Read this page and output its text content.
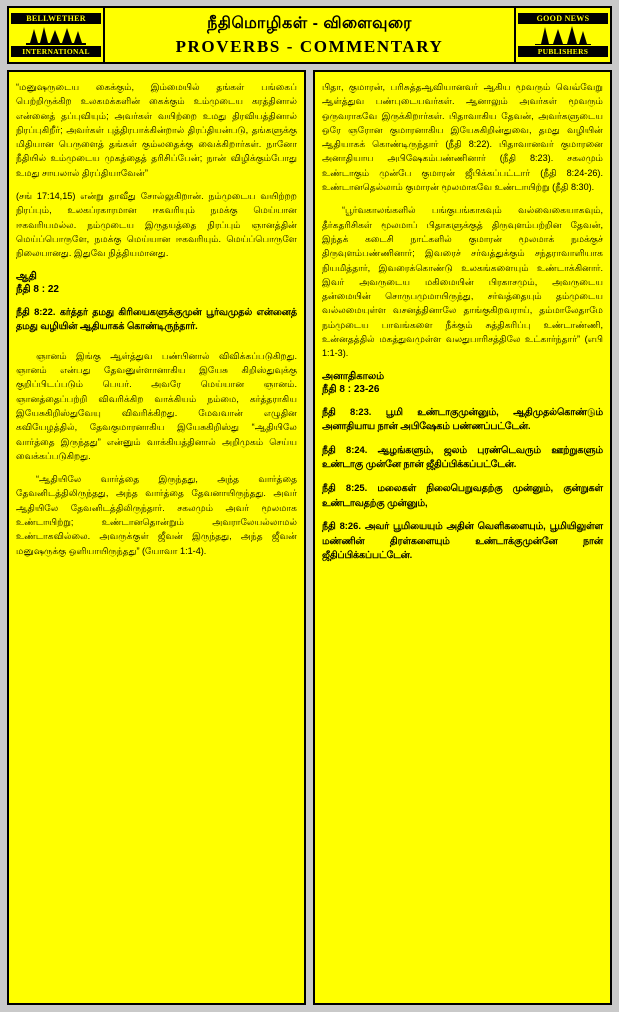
BELLWETHER
INTERNATIONAL
நீதிமொழிகள் - விளைவுரை
PROVERBS - COMMENTARY
GOOD NEWS
PUBLISHERS

“மனுஷருடைய கைக்கும், இம்மையில் தங்கள் பங்கைப் பெற்றிருக்கிற உலகமக்களின் கைக்கும் உம்முடைய கரத்தினால் என்னைத் தப்புவியும்; அவர்கள் வயிற்றை உமது திரவியத்தினால் நிரப்புகிறீர்; அவர்கள் புத்திரபாக்கின்றால் திரப்தியன்படு, தங்களுக்கு மிதியான பெருளைத் தங்கள் கும்லதைக்கு வைக்கிறார்கள். நானோ நீதியில் உம்முடைய முகத்தைத் தரிசிப்பேன்; நான் விழிக்கும்போது உமது சாயலால் திரப்தியாவேன்”

(சங் 17:14,15) என்று தாவீது சோல்லுகிறான். நம்முடைய வயிற்றற நிரப்பும், உலகப்ரகாரமான ஈகவரியும் நமக்கு மெய்யான ஈகவரியமல்ல. நம்முடைய இருதயத்தை நிரப்பும் ஞானத்தின் மெய்ப்பொருளே, நமக்கு மெய்யான ஈகவரியும். மெய்ப்பொருளே நிலையானது. இதுவே நித்தியமானது.

ஆதி
நீதி 8 : 22

நீதி 8:22. கர்த்தர் தமது கிரியைகளுக்குமுன் பூர்வமுதல் என்னைத் தமது வழியின் ஆதியாகக் கொண்டிருந்தார்.

ஞானம் இங்கு ஆள்த்துவ பண்பினால் விவிக்கப்படுகிறது. ஞானம் என்பது தேவனுள்ளானாகிய இயேசு கிறிஸ்துவுக்கு குறிப்பிடப்படும் பெயர். அவரே மெய்யான ஞானம். ஞானத்தைப்பற்றி விவரிக்கிற வாக்கியம் நம்மை, கர்த்தராகிய இயேசுகிறிஸ்துவேயு விவரிக்கிறது. மேவவான் எழுதின கவியேழத்தில், தேவகுமாரனாகிய இயேசுகிறிஸ்து “ஆதியிலே வார்த்தை இருந்தது” என்னும் வாக்கியத்தினால் அறிமுகம் செய்ய வைக்கப்படுகிறது.

“ஆதியிலே வார்த்தை இருந்தது, அந்த வார்த்தை தேவனிடத்திலிருந்தது, அந்த வார்த்தை தேவனாயிருந்தது. அவர் ஆதியிலே தேவனிடத்திலிருந்தார். சகலமும் அவர் மூலமாக உண்டாயிற்று; உண்டானதொன்றும் அவராலேயல்லாமல் உண்டாகவில்லை. அவருக்குள் ஜீவன் இருந்தது, அந்த ஜீவன் மனுஷருக்கு ஒளியாயிருந்தது” (யோவா 1:1-4).

பிதா, குமாரன், பரிசுத்தஆவியானவர் ஆகிய மூவரும் வெவ்வேறு ஆள்த்துவ பண்புடையவர்கள். ஆனாலும் அவர்கள் மூவரும் ஒருவராகவே இருக்கிறார்கள். பிதாவாகிய தேவன், அவர்களுடைய ஒரே ஞரோன குமாரனாகிய இயேசுகிறின்துவை, தமது வழியின் ஆதியாகக் கொண்டிருந்தார் (நீதி 8:22). பிதாவானவர் குமாரனை அனாதியாய அபிஷேகம்பண்ணினார் (நீதி 8:23). சகலமும் உண்டாகும் முன்பே குமாரன் ஜீபிக்கப்பட்டார் (நீதி 8:24-26). உண்டானதெல்லாம் குமாரன் மூலமாகவே உண்டாயிற்று (நீதி 8:30).

“பூர்வகாலங்களில் பங்குபங்காகவும் வல்வைகையாகவும், தீர்கதரிசிகள் மூலமாப் பிதாகளுக்குத் திருவுளம்பற்றின தேவன், இந்தக் கடைசி நாட்களில் குமாரன் மூலமாக் நமக்குச் திருவுளம்பண்ணினார்; இவரைச் சர்வத்துக்கும் சந்தராவாளியாக நியமித்தார், இவரைக்கொண்டு உலகங்களையும் உண்டாக்கினார். இவர் அவருடைய மகிமையின் பிரகாசமும், அவருடைய தன்மையின் சொருபமுமாயிருந்து, சர்வத்தையும் தம்முடைய வல்லமையுள்ள வசனத்தினாலே தாங்குகிறவராய், தம்மாலேதாமே நம்முடைய பாவங்களை நீக்கும் சுத்திகரிப்பு உண்டாண்ணி, உன்னதத்தில் மகத்துவமுள்ள வலதுபாரிசத்திலே உட்கார்ந்தார்” (எபி 1:1-3).

அனாதிகாலம்
நீதி 8 : 23-26

நீதி 8:23. பூமி உண்டாகுமுன்னும், ஆதிமுதல்கொண்டும் அனாதியாய நான் அபிஷேகம் பண்ணப்பட்டேன்.

நீதி 8:24. ஆழங்களும், ஜலம் புரண்டெவரும் ஊற்றுகளும் உண்டாகு முன்னே நான் ஜீதிப்பிக்கப்பட்டேன்.

நீதி 8:25. மலைகள் நிலைபெறுவதற்கு முன்னும், குன்றுகள் உண்டாவதற்கு முன்னும்,

நீதி 8:26. அவர் பூமியையும் அதின் வெளிகளையும், பூமியிலுள்ள மண்ணின் திரள்களையும் உண்டாக்குமுன்னே நான் ஜீதிப்பிக்கப்பட்டேன்.
